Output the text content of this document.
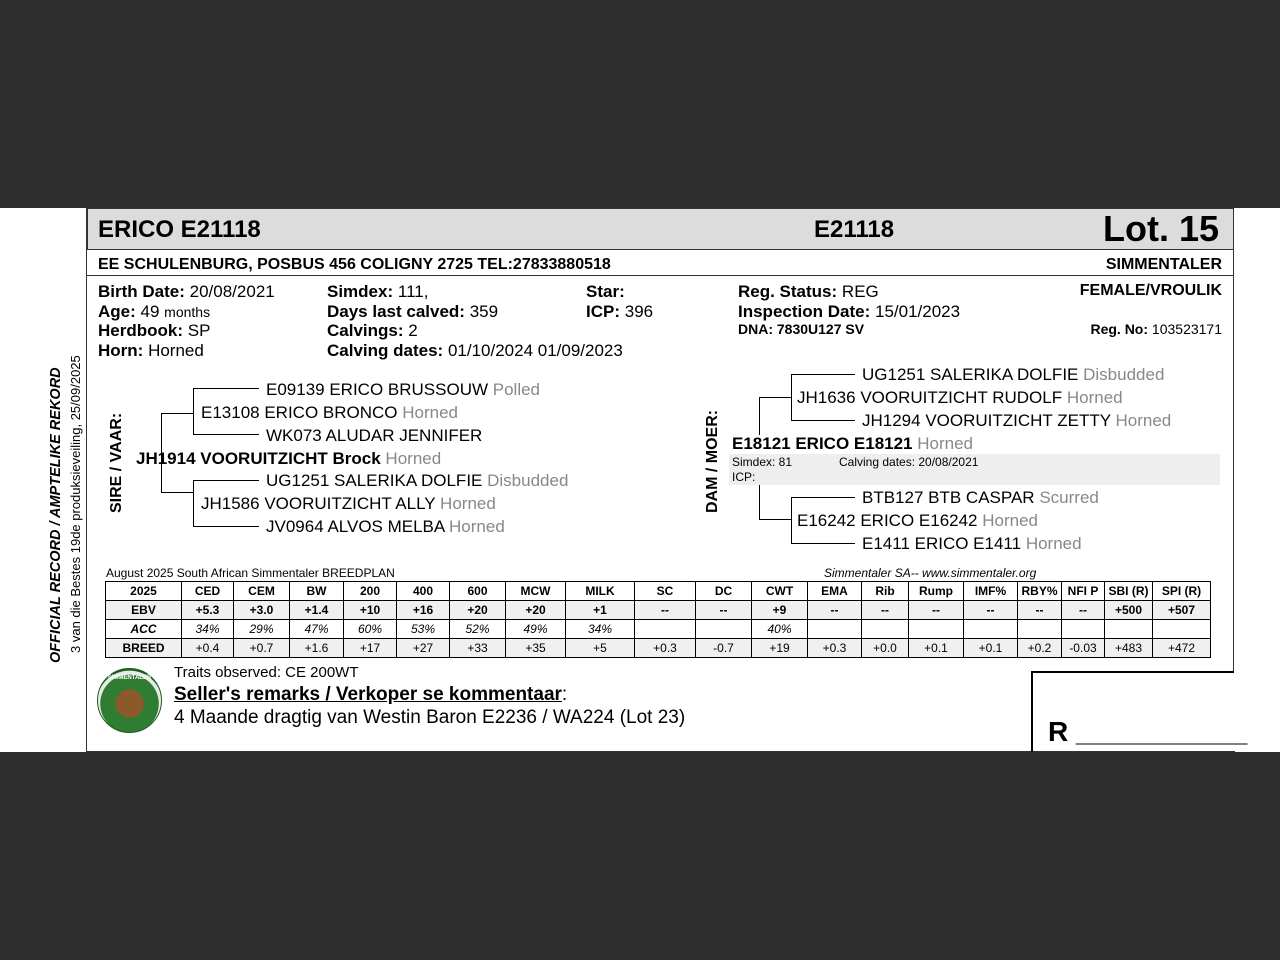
OFFICIAL RECORD / AMPTELIKE REKORD 3 van die Bestes 19de produksieveiling, 25/09/2025
ERICO E21118	E21118	Lot. 15
EE SCHULENBURG, POSBUS 456 COLIGNY 2725 TEL:27833880518	SIMMENTALER
Birth Date: 20/08/2021
Age: 49 months
Herdbook: SP
Horn: Horned
Simdex: 111,
Days last calved: 359
Calvings: 2
Calving dates: 01/10/2024 01/09/2023
Star:
ICP: 396
Reg. Status: REG
Inspection Date: 15/01/2023
DNA: 7830U127 SV
FEMALE/VROULIK
Reg. No: 103523171
SIRE / VAAR:
E09139 ERICO BRUSSOUW Polled
E13108 ERICO BRONCO Horned
WK073 ALUDAR JENNIFER
JH1914 VOORUITZICHT Brock Horned
UG1251 SALERIKA DOLFIE Disbudded
JH1586 VOORUITZICHT ALLY Horned
JV0964 ALVOS MELBA Horned
DAM / MOER:
UG1251 SALERIKA DOLFIE Disbudded
JH1636 VOORUITZICHT RUDOLF Horned
JH1294 VOORUITZICHT ZETTY Horned
E18121 ERICO E18121 Horned
Simdex: 81	Calving dates: 20/08/2021
ICP:
BTB127 BTB CASPAR Scurred
E16242 ERICO E16242 Horned
E1411 ERICO E1411 Horned
August 2025 South African Simmentaler BREEDPLAN	Simmentaler SA-- www.simmentaler.org
2025	CED	CEM	BW	200	400	600	MCW	MILK	SC	DC	CWT	EMA	Rib	Rump	IMF%	RBY%	NFI P	SBI (R)	SPI (R)
EBV	+5.3	+3.0	+1.4	+10	+16	+20	+20	+1	--	--	+9	--	--	--	--	--	--	+500	+507
ACC	34%	29%	47%	60%	53%	52%	49%	34%			40%								
BREED	+0.4	+0.7	+1.6	+17	+27	+33	+35	+5	+0.3	-0.7	+19	+0.3	+0.0	+0.1	+0.1	+0.2	-0.03	+483	+472
SIMMENTALER	Traits observed: CE 200WT
Seller's remarks / Verkoper se kommentaar:
4 Maande dragtig van Westin Baron E2236 / WA224 (Lot 23)	R ___________
